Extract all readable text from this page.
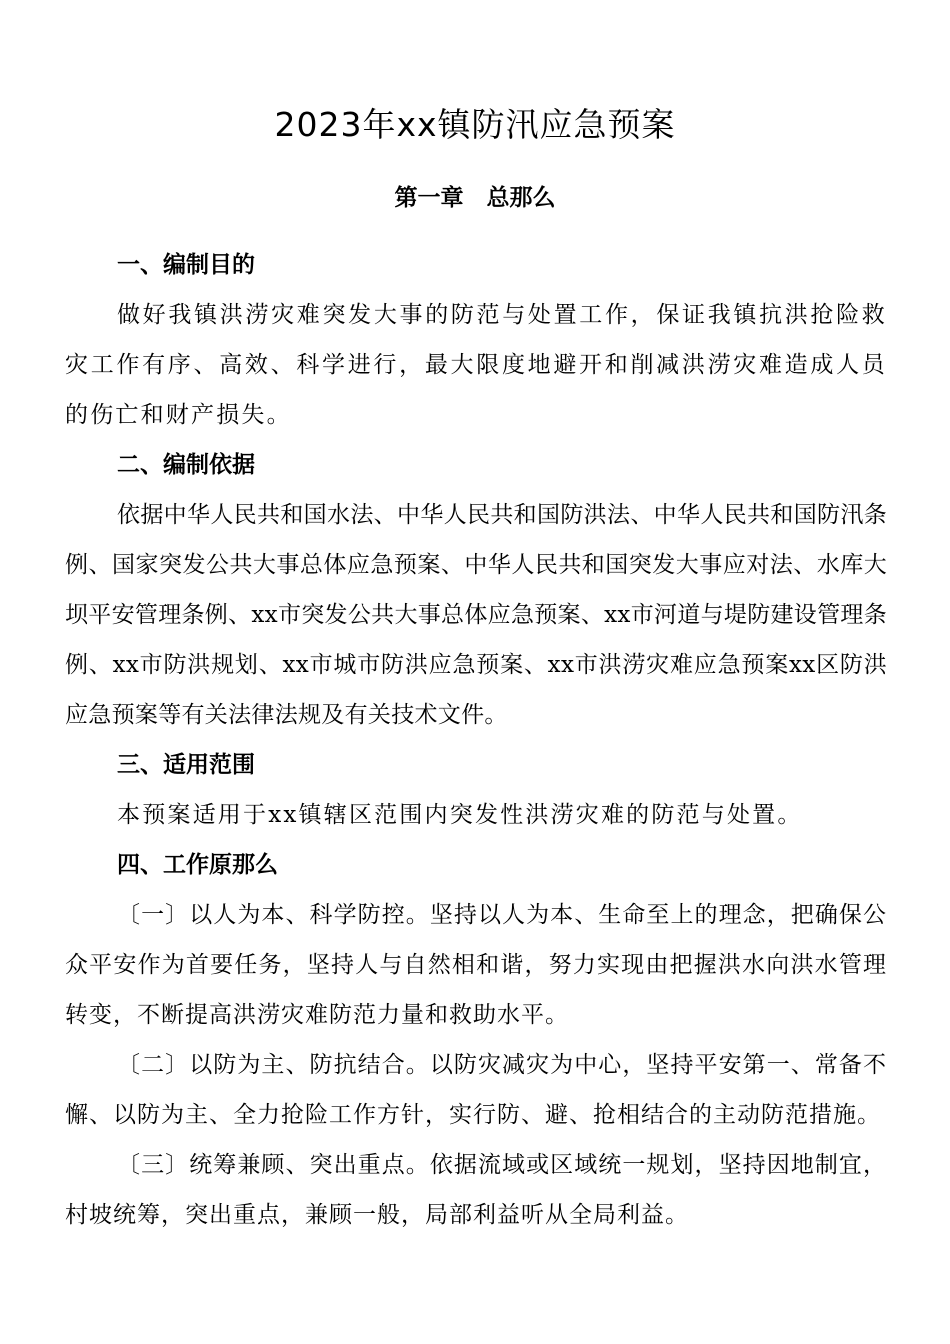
2023年xx镇防汛应急预案
第一章　总那么
一、编制目的

做好我镇洪涝灾难突发大事的防范与处置工作，保证我镇抗洪抢险救灾工作有序、高效、科学进行，最大限度地避开和削减洪涝灾难造成人员的伤亡和财产损失。

二、编制依据

依据中华人民共和国水法、中华人民共和国防洪法、中华人民共和国防汛条例、国家突发公共大事总体应急预案、中华人民共和国突发大事应对法、水库大坝平安管理条例、xx市突发公共大事总体应急预案、xx市河道与堤防建设管理条例、xx市防洪规划、xx市城市防洪应急预案、xx市洪涝灾难应急预案xx区防洪应急预案等有关法律法规及有关技术文件。

三、适用范围

本预案适用于xx镇辖区范围内突发性洪涝灾难的防范与处置。

四、工作原那么

〔一〕以人为本、科学防控。坚持以人为本、生命至上的理念，把确保公众平安作为首要任务，坚持人与自然相和谐，努力实现由把握洪水向洪水管理转变，不断提高洪涝灾难防范力量和救助水平。

〔二〕以防为主、防抗结合。以防灾减灾为中心，坚持平安第一、常备不懈、以防为主、全力抢险工作方针，实行防、避、抢相结合的主动防范措施。

〔三〕统筹兼顾、突出重点。依据流域或区域统一规划，坚持因地制宜，村坡统筹，突出重点，兼顾一般，局部利益听从全局利益。
